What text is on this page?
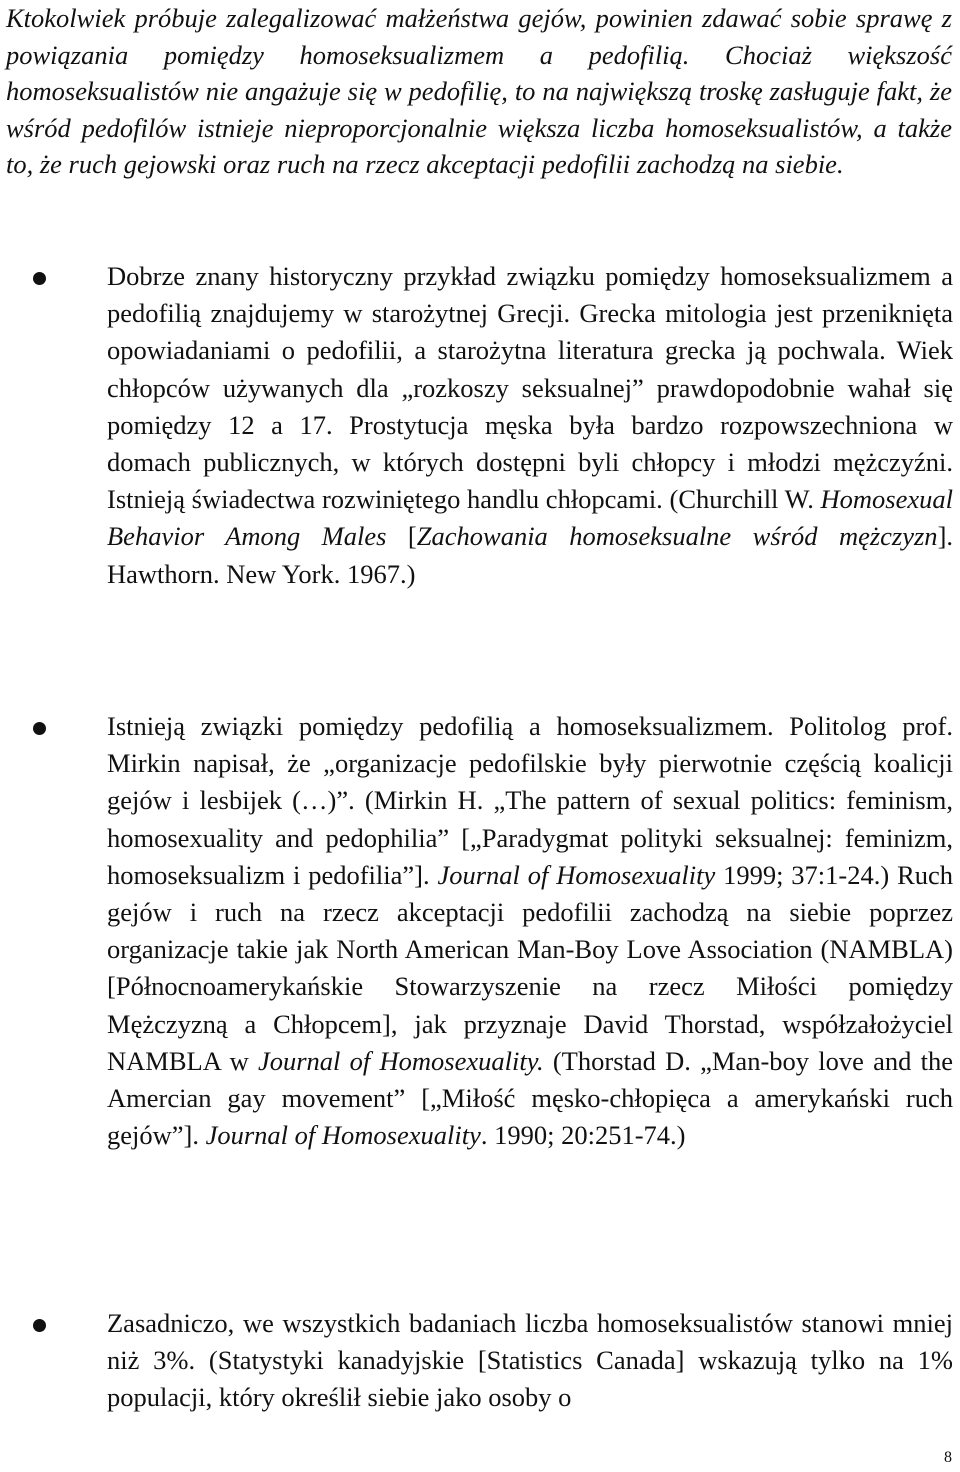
Ktokolwiek próbuje zalegalizować małżeństwa gejów, powinien zdawać sobie sprawę z powiązania pomiędzy homoseksualizmem a pedofilią. Chociaż większość homoseksualistów nie angażuje się w pedofilię, to na największą troskę zasługuje fakt, że wśród pedofilów istnieje nieproporcjonalnie większa liczba homoseksualistów, a także to, że ruch gejowski oraz ruch na rzecz akceptacji pedofilii zachodzą na siebie.

Dobrze znany historyczny przykład związku pomiędzy homoseksualizmem a pedofilią znajdujemy w starożytnej Grecji. Grecka mitologia jest przeniknięta opowiadaniami o pedofilii, a starożytna literatura grecka ją pochwala. Wiek chłopców używanych dla „rozkoszy seksualnej” prawdopodobnie wahał się pomiędzy 12 a 17. Prostytucja męska była bardzo rozpowszechniona w domach publicznych, w których dostępni byli chłopcy i młodzi mężczyźni. Istnieją świadectwa rozwiniętego handlu chłopcami. (Churchill W. Homosexual Behavior Among Males [Zachowania homoseksualne wśród mężczyzn]. Hawthorn. New York. 1967.)

Istnieją związki pomiędzy pedofilią a homoseksualizmem. Politolog prof. Mirkin napisał, że „organizacje pedofilskie były pierwotnie częścią koalicji gejów i lesbijek (…)”. (Mirkin H. „The pattern of sexual politics: feminism, homosexuality and pedophilia” [„Paradygmat polityki seksualnej: feminizm, homoseksualizm i pedofilia”]. Journal of Homosexuality 1999; 37:1-24.) Ruch gejów i ruch na rzecz akceptacji pedofilii zachodzą na siebie poprzez organizacje takie jak North American Man-Boy Love Association (NAMBLA) [Północnoamerykańskie Stowarzyszenie na rzecz Miłości pomiędzy Mężczyzną a Chłopcem], jak przyznaje David Thorstad, współzałożyciel NAMBLA w Journal of Homosexuality. (Thorstad D. „Man-boy love and the Amercian gay movement” [„Miłość męsko-chłopięca a amerykański ruch gejów”]. Journal of Homosexuality. 1990; 20:251-74.)

Zasadniczo, we wszystkich badaniach liczba homoseksualistów stanowi mniej niż 3%. (Statystyki kanadyjskie [Statistics Canada] wskazują tylko na 1% populacji, który określił siebie jako osoby o

8
